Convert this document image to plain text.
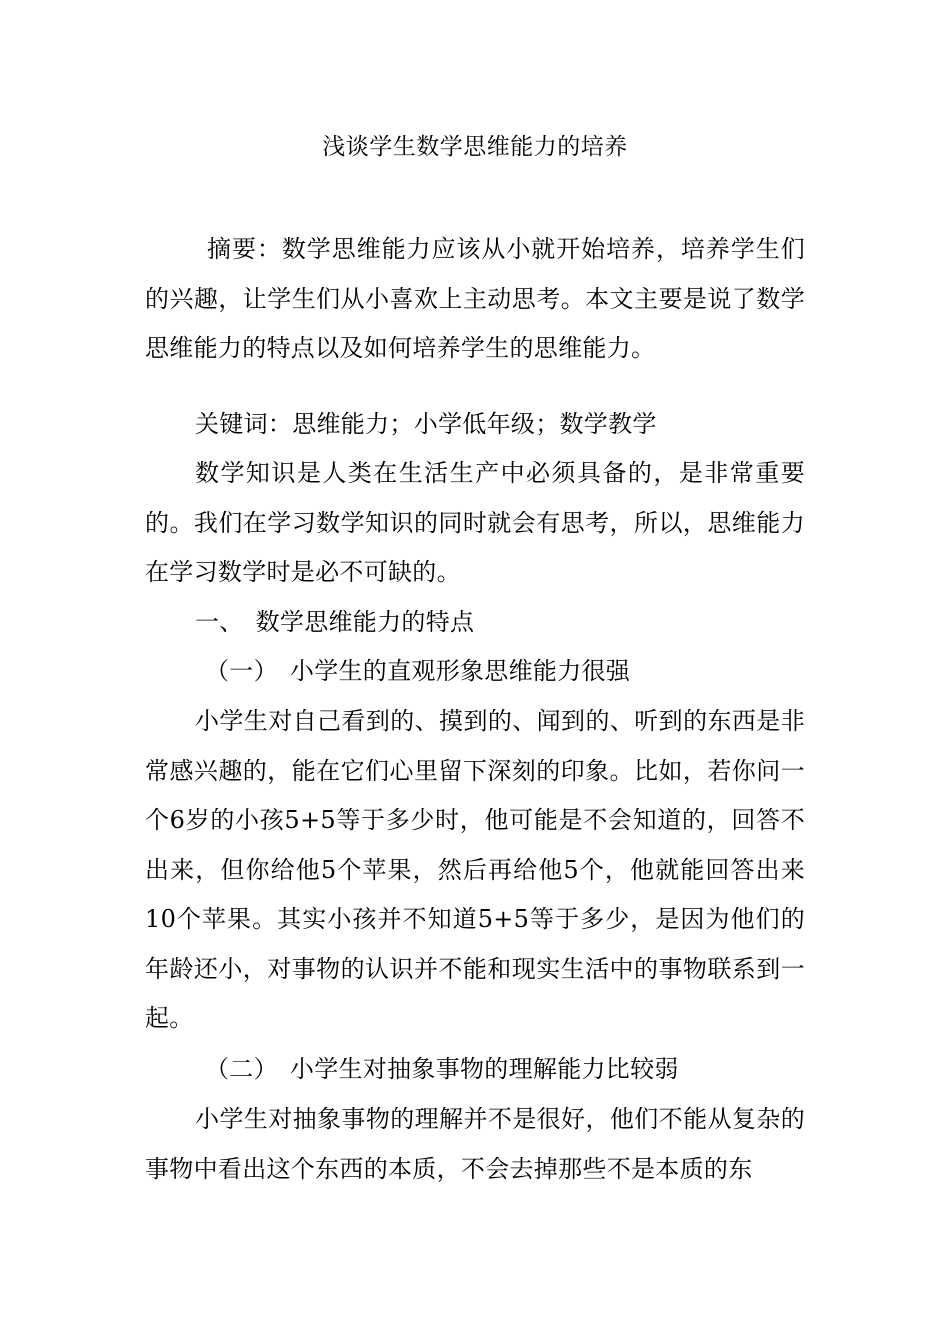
浅谈学生数学思维能力的培养

摘要：数学思维能力应该从小就开始培养，培养学生们的兴趣，让学生们从小喜欢上主动思考。本文主要是说了数学思维能力的特点以及如何培养学生的思维能力。

关键词：思维能力；小学低年级；数学教学

数学知识是人类在生活生产中必须具备的，是非常重要的。我们在学习数学知识的同时就会有思考，所以，思维能力在学习数学时是必不可缺的。

一、 数学思维能力的特点
（一） 小学生的直观形象思维能力很强

小学生对自己看到的、摸到的、闻到的、听到的东西是非常感兴趣的，能在它们心里留下深刻的印象。比如，若你问一个6岁的小孩5+5等于多少时，他可能是不会知道的，回答不出来，但你给他5个苹果，然后再给他5个，他就能回答出来10个苹果。其实小孩并不知道5+5等于多少，是因为他们的年龄还小，对事物的认识并不能和现实生活中的事物联系到一起。

（二） 小学生对抽象事物的理解能力比较弱

小学生对抽象事物的理解并不是很好，他们不能从复杂的事物中看出这个东西的本质，不会去掉那些不是本质的东
